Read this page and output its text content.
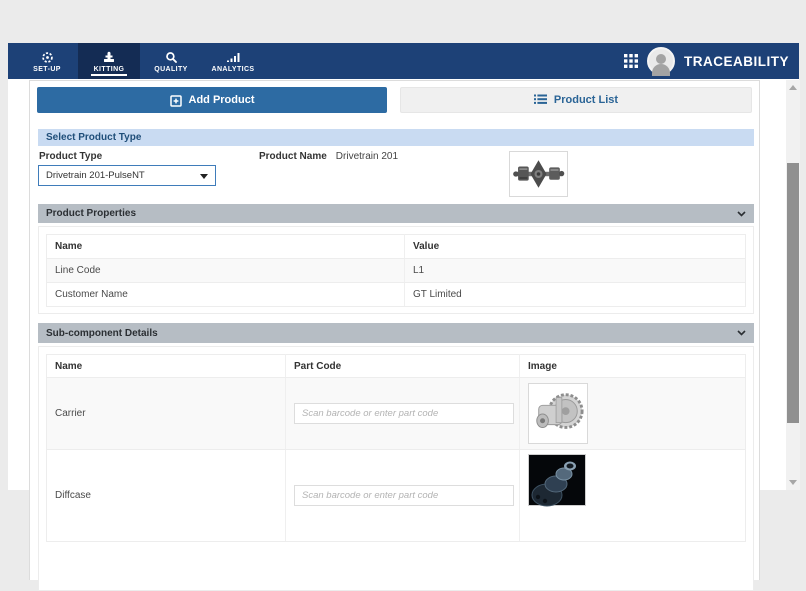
SET-UP	KITTING	QUALITY	ANALYTICS
TRACEABILITY
Add Product	Product List
Select Product Type
Product Type
Drivetrain 201-PulseNT
Product Name Drivetrain 201
Product Properties
Name	Value
Line Code	L1
Customer Name	GT Limited
Sub-component Details
Name	Part Code	Image
Carrier	Scan barcode or enter part code	

Diffcase	Scan barcode or enter part code	
